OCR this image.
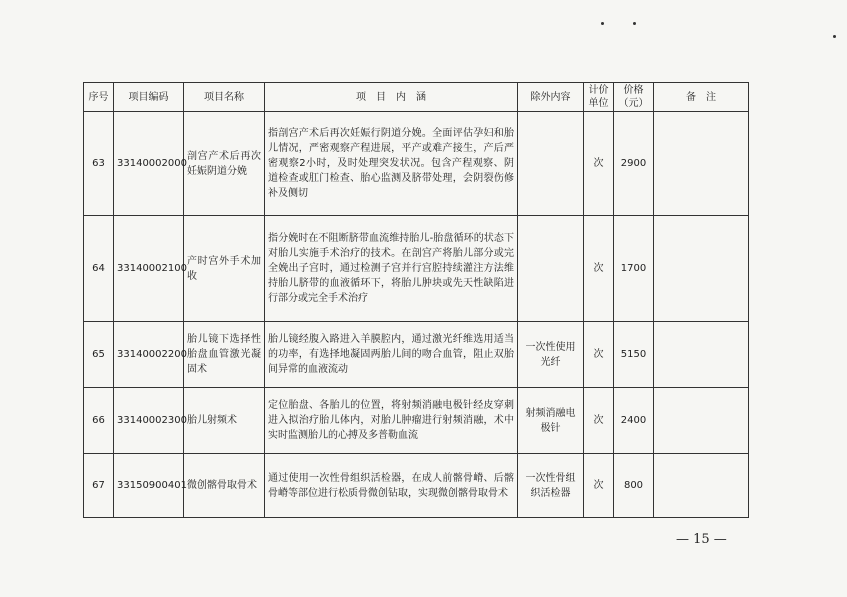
序号	项目编码	项目名称	项　目　内　涵	除外内容	计价单位	价格（元）	备　注
63	33140002000	剖宫产术后再次妊娠阴道分娩	指剖宫产术后再次妊娠行阴道分娩。全面评估孕妇和胎儿情况，严密观察产程进展，平产或难产接生，产后严密观察2小时，及时处理突发状况。包含产程观察、阴道检查或肛门检查、胎心监测及脐带处理，会阴裂伤修补及侧切		次	2900	
64	33140002100	产时宫外手术加收	指分娩时在不阻断脐带血流维持胎儿-胎盘循环的状态下对胎儿实施手术治疗的技术。在剖宫产将胎儿部分或完全娩出子宫时，通过检测子宫并行宫腔持续灌注方法维持胎儿脐带的血液循环下，将胎儿肿块或先天性缺陷进行部分或完全手术治疗		次	1700	
65	33140002200	胎儿镜下选择性胎盘血管激光凝固术	胎儿镜经腹入路进入羊膜腔内，通过激光纤维选用适当的功率，有选择地凝固两胎儿间的吻合血管，阻止双胎间异常的血液流动	一次性使用光纤	次	5150	
66	33140002300	胎儿射频术	定位胎盘、各胎儿的位置，将射频消融电极针经皮穿刺进入拟治疗胎儿体内，对胎儿肿瘤进行射频消融，术中实时监测胎儿的心搏及多普勒血流	射频消融电极针	次	2400	
67	33150900401	微创髂骨取骨术	通过使用一次性骨组织活检器，在成人前髂骨嵴、后髂骨嵴等部位进行松质骨微创钻取，实现微创髂骨取骨术	一次性骨组织活检器	次	800	
— 15 —
